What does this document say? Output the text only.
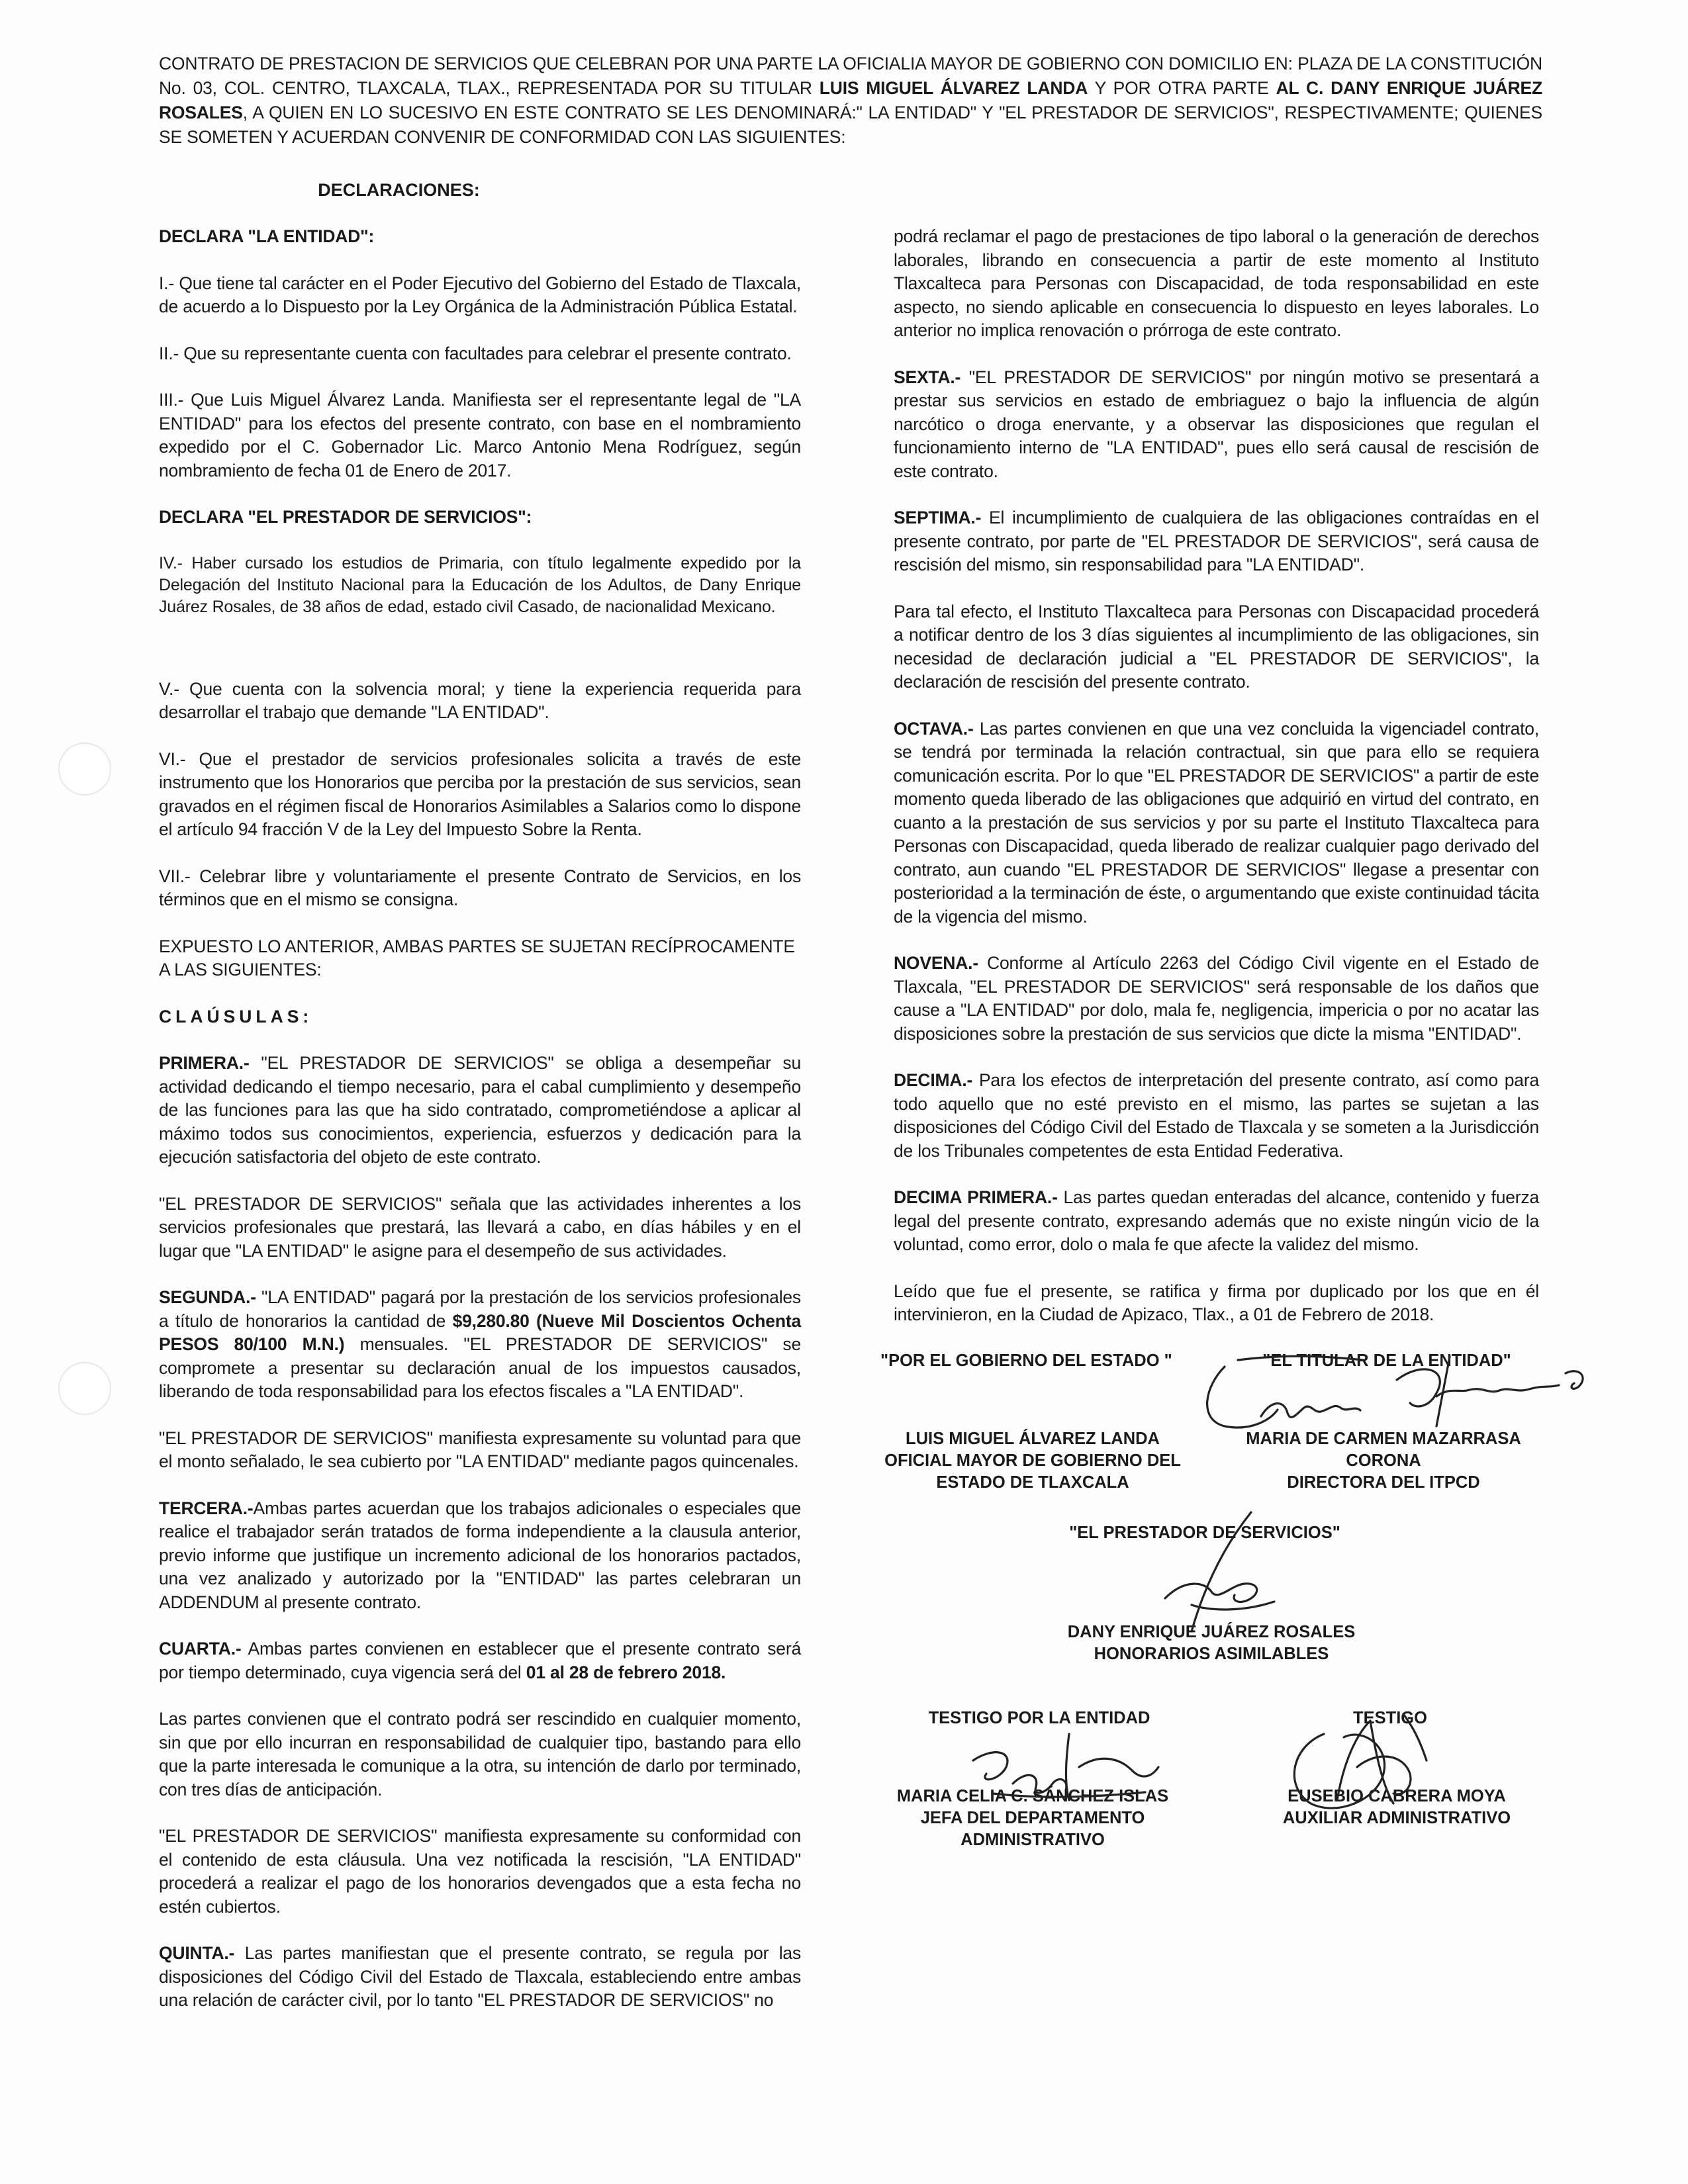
CONTRATO DE PRESTACION DE SERVICIOS QUE CELEBRAN POR UNA PARTE LA OFICIALIA MAYOR DE GOBIERNO CON DOMICILIO EN: PLAZA DE LA CONSTITUCIÓN No. 03, COL. CENTRO, TLAXCALA, TLAX., REPRESENTADA POR SU TITULAR LUIS MIGUEL ÁLVAREZ LANDA Y POR OTRA PARTE AL C. DANY ENRIQUE JUÁREZ ROSALES, A QUIEN EN LO SUCESIVO EN ESTE CONTRATO SE LES DENOMINARÁ:" LA ENTIDAD" Y "EL PRESTADOR DE SERVICIOS", RESPECTIVAMENTE; QUIENES SE SOMETEN Y ACUERDAN CONVENIR DE CONFORMIDAD CON LAS SIGUIENTES:
DECLARACIONES:

DECLARA "LA ENTIDAD":

I.- Que tiene tal carácter en el Poder Ejecutivo del Gobierno del Estado de Tlaxcala, de acuerdo a lo Dispuesto por la Ley Orgánica de la Administración Pública Estatal.

II.- Que su representante cuenta con facultades para celebrar el presente contrato.

III.- Que Luis Miguel Álvarez Landa. Manifiesta ser el representante legal de "LA ENTIDAD" para los efectos del presente contrato, con base en el nombramiento expedido por el C. Gobernador Lic. Marco Antonio Mena Rodríguez, según nombramiento de fecha 01 de Enero de 2017.

DECLARA "EL PRESTADOR DE SERVICIOS":

IV.- Haber cursado los estudios de Primaria, con título legalmente expedido por la Delegación del Instituto Nacional para la Educación de los Adultos, de Dany Enrique Juárez Rosales, de 38 años de edad, estado civil Casado, de nacionalidad Mexicano.

V.- Que cuenta con la solvencia moral; y tiene la experiencia requerida para desarrollar el trabajo que demande "LA ENTIDAD".

VI.- Que el prestador de servicios profesionales solicita a través de este instrumento que los Honorarios que perciba por la prestación de sus servicios, sean gravados en el régimen fiscal de Honorarios Asimilables a Salarios como lo dispone el artículo 94 fracción V de la Ley del Impuesto Sobre la Renta.

VII.- Celebrar libre y voluntariamente el presente Contrato de Servicios, en los términos que en el mismo se consigna.

EXPUESTO LO ANTERIOR, AMBAS PARTES SE SUJETAN RECÍPROCAMENTE A LAS SIGUIENTES:

CLAÚSULAS:

PRIMERA.- "EL PRESTADOR DE SERVICIOS" se obliga a desempeñar su actividad dedicando el tiempo necesario, para el cabal cumplimiento y desempeño de las funciones para las que ha sido contratado, comprometiéndose a aplicar al máximo todos sus conocimientos, experiencia, esfuerzos y dedicación para la ejecución satisfactoria del objeto de este contrato.

"EL PRESTADOR DE SERVICIOS" señala que las actividades inherentes a los servicios profesionales que prestará, las llevará a cabo, en días hábiles y en el lugar que "LA ENTIDAD" le asigne para el desempeño de sus actividades.

SEGUNDA.- "LA ENTIDAD" pagará por la prestación de los servicios profesionales a título de honorarios la cantidad de $9,280.80 (Nueve Mil Doscientos Ochenta PESOS 80/100 M.N.) mensuales. "EL PRESTADOR DE SERVICIOS" se compromete a presentar su declaración anual de los impuestos causados, liberando de toda responsabilidad para los efectos fiscales a "LA ENTIDAD".

"EL PRESTADOR DE SERVICIOS" manifiesta expresamente su voluntad para que el monto señalado, le sea cubierto por "LA ENTIDAD" mediante pagos quincenales.

TERCERA.-Ambas partes acuerdan que los trabajos adicionales o especiales que realice el trabajador serán tratados de forma independiente a la clausula anterior, previo informe que justifique un incremento adicional de los honorarios pactados, una vez analizado y autorizado por la "ENTIDAD" las partes celebraran un ADDENDUM al presente contrato.

CUARTA.- Ambas partes convienen en establecer que el presente contrato será por tiempo determinado, cuya vigencia será del 01 al 28 de febrero 2018.

Las partes convienen que el contrato podrá ser rescindido en cualquier momento, sin que por ello incurran en responsabilidad de cualquier tipo, bastando para ello que la parte interesada le comunique a la otra, su intención de darlo por terminado, con tres días de anticipación.

"EL PRESTADOR DE SERVICIOS" manifiesta expresamente su conformidad con el contenido de esta cláusula. Una vez notificada la rescisión, "LA ENTIDAD" procederá a realizar el pago de los honorarios devengados que a esta fecha no estén cubiertos.

QUINTA.- Las partes manifiestan que el presente contrato, se regula por las disposiciones del Código Civil del Estado de Tlaxcala, estableciendo entre ambas una relación de carácter civil, por lo tanto "EL PRESTADOR DE SERVICIOS" no

podrá reclamar el pago de prestaciones de tipo laboral o la generación de derechos laborales, librando en consecuencia a partir de este momento al Instituto Tlaxcalteca para Personas con Discapacidad, de toda responsabilidad en este aspecto, no siendo aplicable en consecuencia lo dispuesto en leyes laborales. Lo anterior no implica renovación o prórroga de este contrato.

SEXTA.- "EL PRESTADOR DE SERVICIOS" por ningún motivo se presentará a prestar sus servicios en estado de embriaguez o bajo la influencia de algún narcótico o droga enervante, y a observar las disposiciones que regulan el funcionamiento interno de "LA ENTIDAD", pues ello será causal de rescisión de este contrato.

SEPTIMA.- El incumplimiento de cualquiera de las obligaciones contraídas en el presente contrato, por parte de "EL PRESTADOR DE SERVICIOS", será causa de rescisión del mismo, sin responsabilidad para "LA ENTIDAD".

Para tal efecto, el Instituto Tlaxcalteca para Personas con Discapacidad procederá a notificar dentro de los 3 días siguientes al incumplimiento de las obligaciones, sin necesidad de declaración judicial a "EL PRESTADOR DE SERVICIOS", la declaración de rescisión del presente contrato.

OCTAVA.- Las partes convienen en que una vez concluida la vigenciadel contrato, se tendrá por terminada la relación contractual, sin que para ello se requiera comunicación escrita. Por lo que "EL PRESTADOR DE SERVICIOS" a partir de este momento queda liberado de las obligaciones que adquirió en virtud del contrato, en cuanto a la prestación de sus servicios y por su parte el Instituto Tlaxcalteca para Personas con Discapacidad, queda liberado de realizar cualquier pago derivado del contrato, aun cuando "EL PRESTADOR DE SERVICIOS" llegase a presentar con posterioridad a la terminación de éste, o argumentando que existe continuidad tácita de la vigencia del mismo.

NOVENA.- Conforme al Artículo 2263 del Código Civil vigente en el Estado de Tlaxcala, "EL PRESTADOR DE SERVICIOS" será responsable de los daños que cause a "LA ENTIDAD" por dolo, mala fe, negligencia, impericia o por no acatar las disposiciones sobre la prestación de sus servicios que dicte la misma "ENTIDAD".

DECIMA.- Para los efectos de interpretación del presente contrato, así como para todo aquello que no esté previsto en el mismo, las partes se sujetan a las disposiciones del Código Civil del Estado de Tlaxcala y se someten a la Jurisdicción de los Tribunales competentes de esta Entidad Federativa.

DECIMA PRIMERA.- Las partes quedan enteradas del alcance, contenido y fuerza legal del presente contrato, expresando además que no existe ningún vicio de la voluntad, como error, dolo o mala fe que afecte la validez del mismo.

Leído que fue el presente, se ratifica y firma por duplicado por los que en él intervinieron, en la Ciudad de Apizaco, Tlax., a 01 de Febrero de 2018.

"POR EL GOBIERNO DEL ESTADO "
LUIS MIGUEL ÁLVAREZ LANDA
OFICIAL MAYOR DE GOBIERNO DEL
ESTADO DE TLAXCALA
"EL TITULAR DE LA ENTIDAD"
MARIA DE CARMEN MAZARRASA
CORONA
DIRECTORA DEL ITPCD
"EL PRESTADOR DE SERVICIOS"
DANY ENRIQUE JUÁREZ ROSALES
HONORARIOS ASIMILABLES
TESTIGO POR LA ENTIDAD
MARIA CELIA C. SÁNCHEZ ISLAS
JEFA DEL DEPARTAMENTO
ADMINISTRATIVO
TESTIGO
EUSEBIO CABRERA MOYA
AUXILIAR ADMINISTRATIVO
